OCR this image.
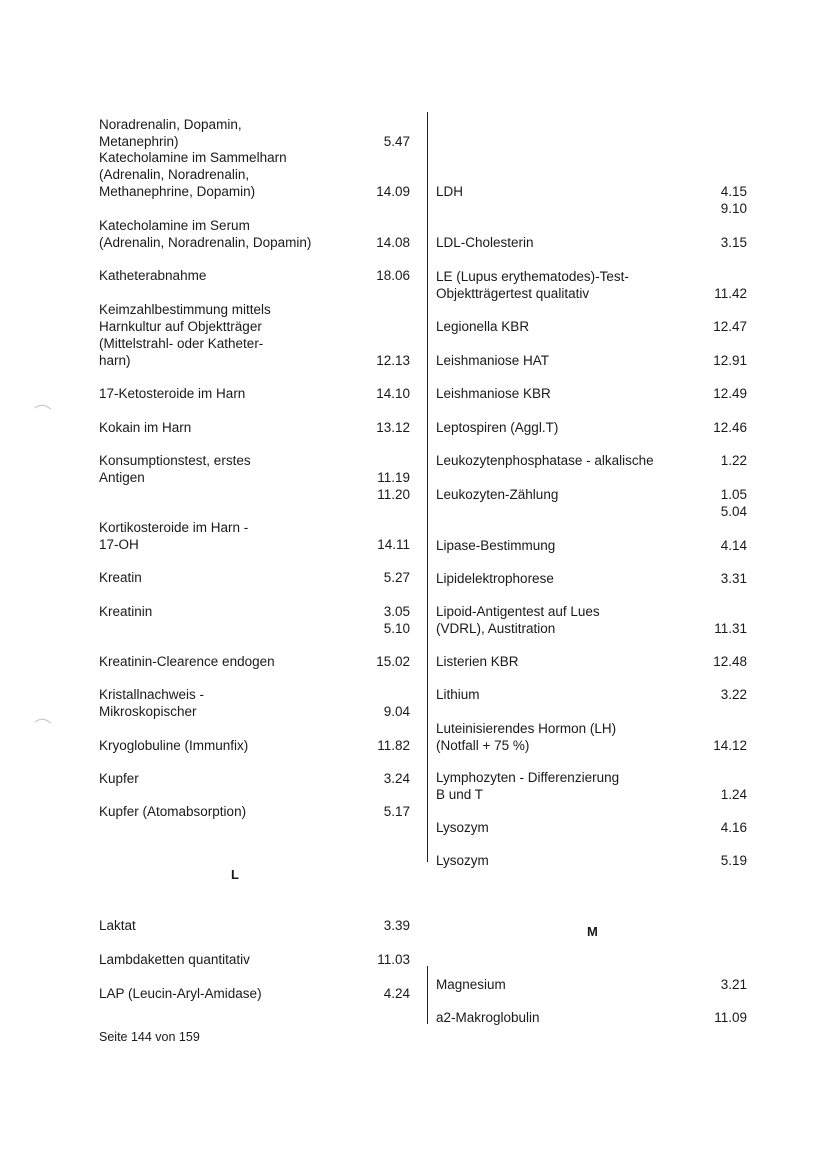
Noradrenalin, Dopamin,
Metanephrin)	5.47
Katecholamine im Sammelharn
(Adrenalin, Noradrenalin,
Methanephrine, Dopamin)	14.09
Katecholamine im Serum
(Adrenalin, Noradrenalin, Dopamin)	14.08
Katheterabnahme	18.06
Keimzahlbestimmung mittels
Harnkultur auf Objektträger
(Mittelstrahl- oder Katheter-
harn)	12.13
17-Ketosteroide im Harn	14.10
Kokain im Harn	13.12
Konsumptionstest, erstes
Antigen	11.19
11.20
Kortikosteroide im Harn -
17-OH	14.11
Kreatin	5.27
Kreatinin	3.05
5.10
Kreatinin-Clearence endogen	15.02
Kristallnachweis -
Mikroskopischer	9.04
Kryoglobuline (Immunfix)	11.82
Kupfer	3.24
Kupfer (Atomabsorption)	5.17
Laktat	3.39
Lambdaketten quantitativ	11.03
LAP (Leucin-Aryl-Amidase)	4.24
LDH	4.15
9.10
LDL-Cholesterin	3.15
LE (Lupus erythematodes)-Test-
Objektträgertest qualitativ	11.42
Legionella KBR	12.47
Leishmaniose HAT	12.91
Leishmaniose KBR	12.49
Leptospiren (Aggl.T)	12.46
Leukozytenphosphatase - alkalische	1.22
Leukozyten-Zählung	1.05
5.04
Lipase-Bestimmung	4.14
Lipidelektrophorese	3.31
Lipoid-Antigentest auf Lues
(VDRL), Austitration	11.31
Listerien KBR	12.48
Lithium	3.22
Luteinisierendes Hormon (LH)
(Notfall + 75 %)	14.12
Lymphozyten - Differenzierung
B und T	1.24
Lysozym	4.16
Lysozym	5.19
Magnesium	3.21
a2-Makroglobulin	11.09
L
M
Seite 144 von 159
